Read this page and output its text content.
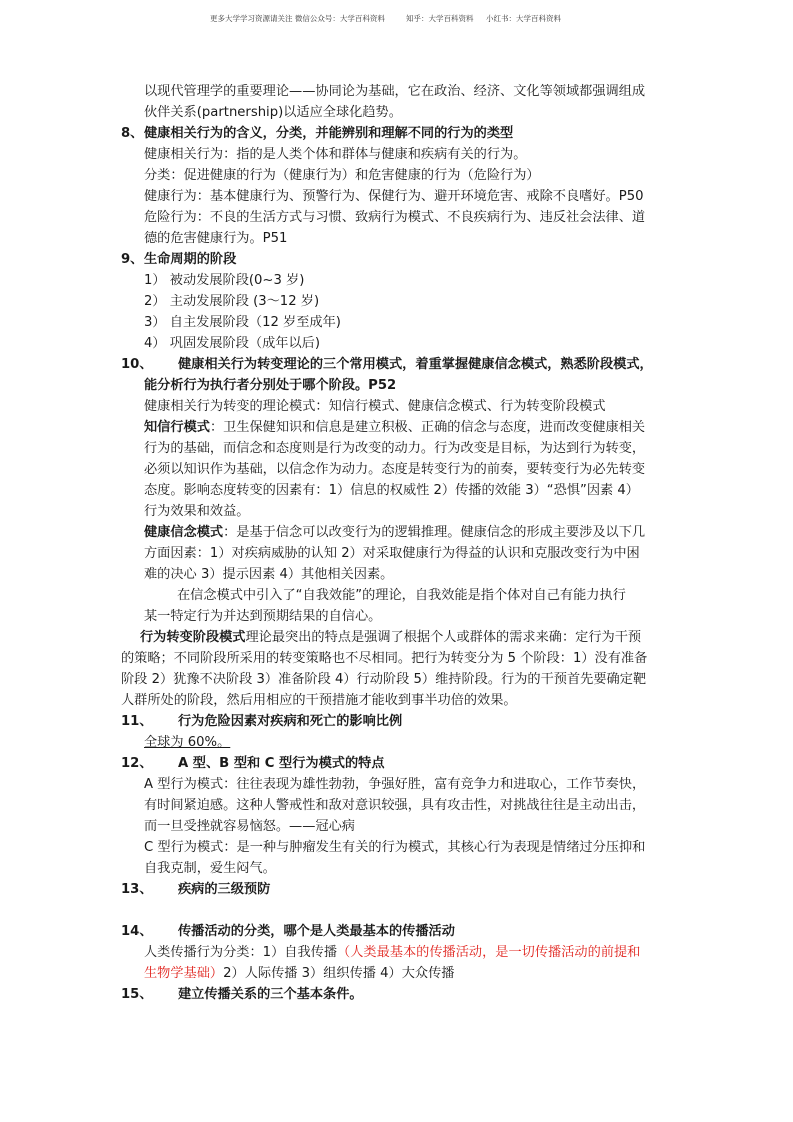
更多大学学习资源请关注 微信公众号：大学百科资料	知乎：大学百科资料 小红书：大学百科资料
以现代管理学的重要理论——协同论为基础，它在政治、经济、文化等领域都强调组成
伙伴关系(partnership)以适应全球化趋势。
8、 健康相关行为的含义，分类，并能辨别和理解不同的行为的类型
健康相关行为：指的是人类个体和群体与健康和疾病有关的行为。
分类：促进健康的行为（健康行为）和危害健康的行为（危险行为）
健康行为：基本健康行为、预警行为、保健行为、避开环境危害、戒除不良嗜好。P50
危险行为：不良的生活方式与习惯、致病行为模式、不良疾病行为、违反社会法律、道
德的危害健康行为。P51
9、 生命周期的阶段
1） 被动发展阶段(0~3 岁)
2） 主动发展阶段 (3～12 岁)
3） 自主发展阶段（12 岁至成年)
4） 巩固发展阶段（成年以后)
10、 健康相关行为转变理论的三个常用模式，着重掌握健康信念模式，熟悉阶段模式，
能分析行为执行者分别处于哪个阶段。P52
健康相关行为转变的理论模式：知信行模式、健康信念模式、行为转变阶段模式
知信行模式：卫生保健知识和信息是建立积极、正确的信念与态度，进而改变健康相关
行为的基础，而信念和态度则是行为改变的动力。行为改变是目标，为达到行为转变，
必须以知识作为基础，以信念作为动力。态度是转变行为的前奏，要转变行为必先转变
态度。影响态度转变的因素有：1）信息的权威性 2）传播的效能 3）“恐惧”因素 4）
行为效果和效益。
健康信念模式：是基于信念可以改变行为的逻辑推理。健康信念的形成主要涉及以下几
方面因素：1）对疾病威胁的认知 2）对采取健康行为得益的认识和克服改变行为中困
难的决心 3）提示因素 4）其他相关因素。
在信念模式中引入了“自我效能”的理论，自我效能是指个体对自己有能力执行
某一特定行为并达到预期结果的自信心。
行为转变阶段模式理论最突出的特点是强调了根据个人或群体的需求来确：定行为干预
的策略；不同阶段所采用的转变策略也不尽相同。把行为转变分为 5 个阶段：1）没有准备
阶段 2）犹豫不决阶段 3）准备阶段 4）行动阶段 5）维持阶段。行为的干预首先要确定靶
人群所处的阶段，然后用相应的干预措施才能收到事半功倍的效果。
11、 行为危险因素对疾病和死亡的影响比例
全球为 60%。
12、 A 型、B 型和 C 型行为模式的特点
A 型行为模式：往往表现为雄性勃勃，争强好胜，富有竞争力和进取心，工作节奏快，
有时间紧迫感。这种人警戒性和敌对意识较强，具有攻击性，对挑战往往是主动出击，
而一旦受挫就容易恼怒。——冠心病
C 型行为模式：是一种与肿瘤发生有关的行为模式，其核心行为表现是情绪过分压抑和
自我克制，爱生闷气。
13、 疾病的三级预防
14、 传播活动的分类，哪个是人类最基本的传播活动
人类传播行为分类：1）自我传播（人类最基本的传播活动，是一切传播活动的前提和
生物学基础）2）人际传播 3）组织传播 4）大众传播
15、 建立传播关系的三个基本条件。
